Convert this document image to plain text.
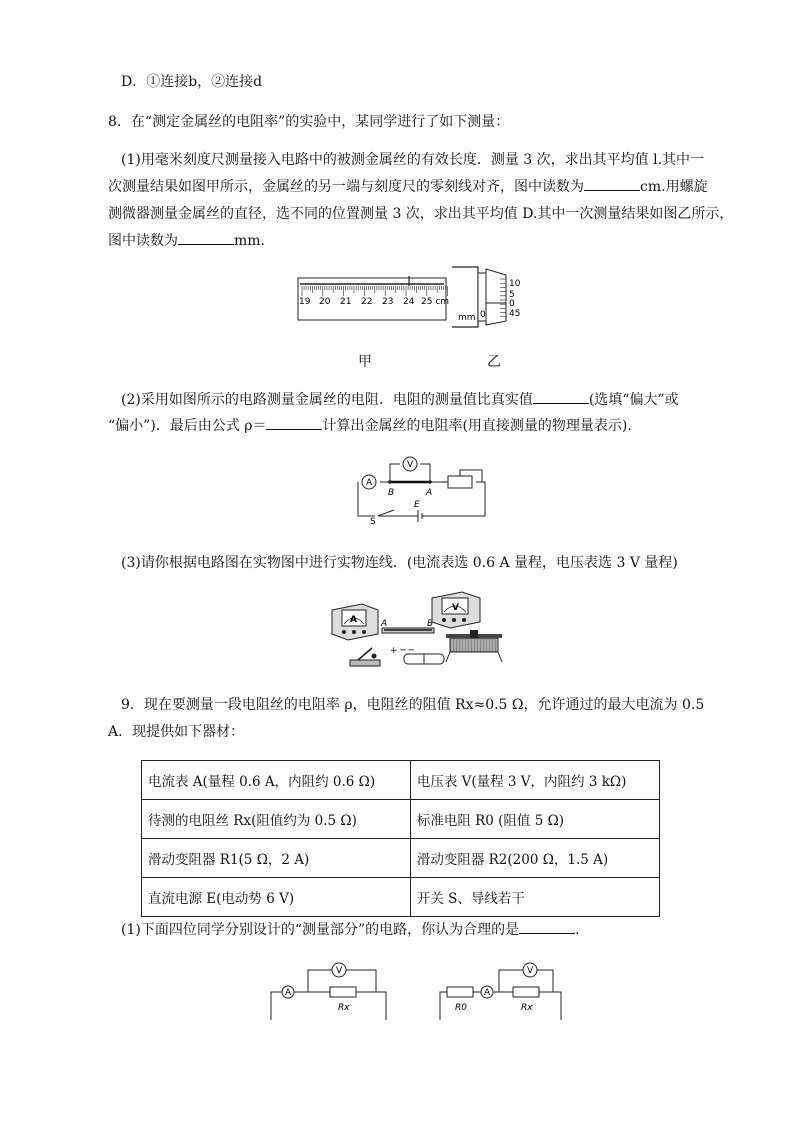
D．①连接b，②连接d
8．在“测定金属丝的电阻率”的实验中，某同学进行了如下测量：
(1)用毫米刻度尺测量接入电路中的被测金属丝的有效长度．测量 3 次，求出其平均值 l.其中一
次测量结果如图甲所示，金属丝的另一端与刻度尺的零刻线对齐，图中读数为	cm.用螺旋
测微器测量金属丝的直径，选不同的位置测量 3 次，求出其平均值 D.其中一次测量结果如图乙所示，
图中读数为	mm.
19 20 21 22 23 24 25 cm
10
5
0
45
mm 0
甲	乙
(2)采用如图所示的电路测量金属丝的电阻．电阻的测量值比真实值	(选填“偏大”或
“偏小”)．最后由公式 ρ＝	计算出金属丝的电阻率(用直接测量的物理量表示).
A
V
B	A
S
E
(3)请你根据电路图在实物图中进行实物连线．(电流表选 0.6 A 量程，电压表选 3 V 量程)
A	A	B
V
+ ─ ─
9．现在要测量一段电阻丝的电阻率 ρ，电阻丝的阻值 Rx≈0.5 Ω，允许通过的最大电流为 0.5
A．现提供如下器材：
电流表 A(量程 0.6 A，内阻约 0.6 Ω)	电压表 V(量程 3 V，内阻约 3 kΩ)
待测的电阻丝 Rx(阻值约为 0.5 Ω)	标准电阻 R0 (阻值 5 Ω)
滑动变阻器 R1(5 Ω，2 A)	滑动变阻器 R2(200 Ω，1.5 A)
直流电源 E(电动势 6 V)	开关 S、导线若干
(1)下面四位同学分别设计的“测量部分”的电路，你认为合理的是	.
A
V
Rx
A
V
R0	Rx
